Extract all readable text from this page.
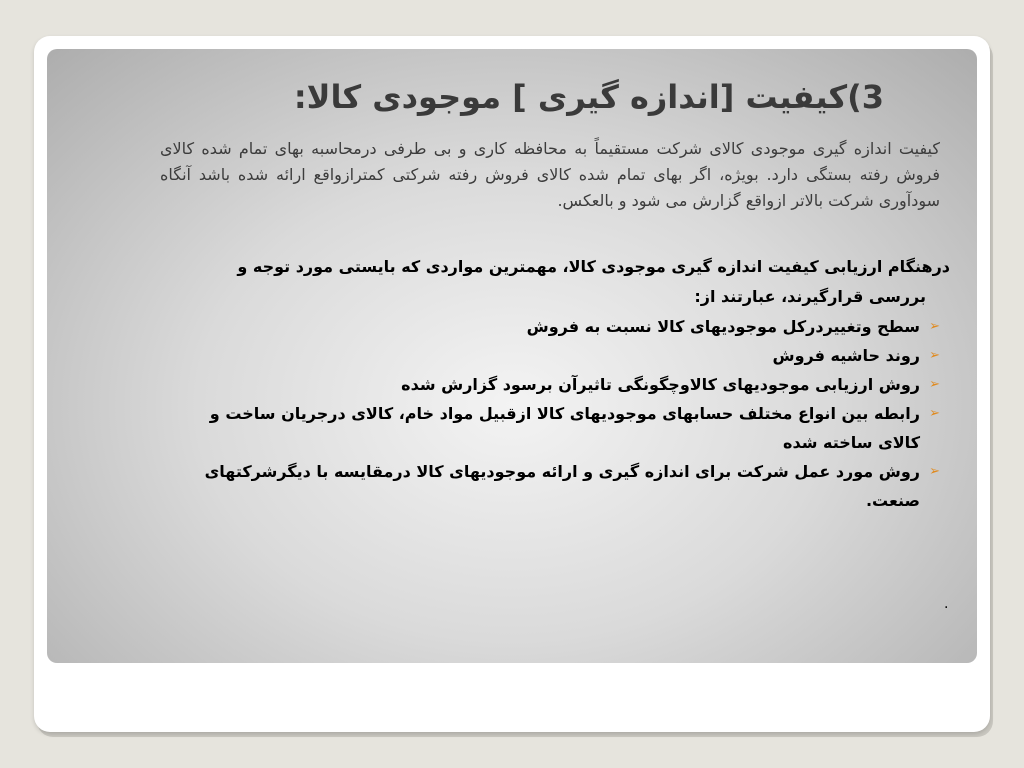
3)کیفیت [اندازه گیری ] موجودی کالا:

کیفیت اندازه گیری موجودی کالای شرکت مستقیماً به محافظه کاری و بی طرفی درمحاسبه بهای تمام شده کالای فروش رفته بستگی دارد. بویژه، اگر بهای تمام شده کالای فروش رفته شرکتی کمترازواقع ارائه شده باشد آنگاه سودآوری شرکت بالاتر ازواقع گزارش می شود و بالعکس.

درهنگام ارزیابی کیفیت اندازه گیری موجودی کالا، مهمترین مواردی که بایستی مورد توجه و
بررسی قرارگیرند، عبارتند از:
➢
سطح وتغییردرکل موجودیهای کالا نسبت به فروش
➢
روند حاشیه فروش
➢
روش ارزیابی موجودیهای کالاوچگونگی تاثیرآن برسود گزارش شده
➢
رابطه بین انواع مختلف حسابهای موجودیهای کالا ازقبیل مواد خام، کالای درجریان ساخت و کالای ساخته شده
➢
روش مورد عمل شرکت برای اندازه گیری و ارائه موجودیهای کالا درمقایسه با دیگرشرکتهای صنعت.
.
